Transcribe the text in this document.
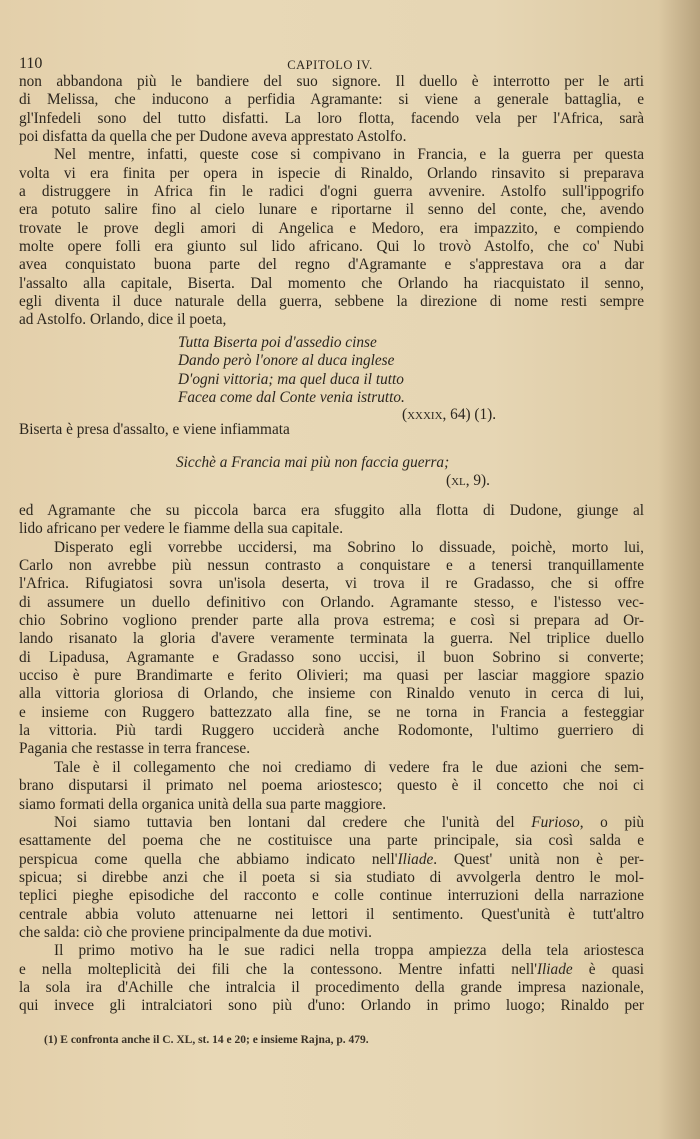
110	CAPITOLO IV.
non abbandona più le bandiere del suo signore. Il duello è interrotto per le arti
di Melissa, che inducono a perfidia Agramante: si viene a generale battaglia, e
gl'Infedeli sono del tutto disfatti. La loro flotta, facendo vela per l'Africa, sarà
poi disfatta da quella che per Dudone aveva apprestato Astolfo.
Nel mentre, infatti, queste cose si compivano in Francia, e la guerra per questa
volta vi era finita per opera in ispecie di Rinaldo, Orlando rinsavito si preparava
a distruggere in Africa fin le radici d'ogni guerra avvenire. Astolfo sull'ippogrifo
era potuto salire fino al cielo lunare e riportarne il senno del conte, che, avendo
trovate le prove degli amori di Angelica e Medoro, era impazzito, e compiendo
molte opere folli era giunto sul lido africano. Qui lo trovò Astolfo, che co' Nubi
avea conquistato buona parte del regno d'Agramante e s'apprestava ora a dar
l'assalto alla capitale, Biserta. Dal momento che Orlando ha riacquistato il senno,
egli diventa il duce naturale della guerra, sebbene la direzione di nome resti sempre
ad Astolfo. Orlando, dice il poeta,
Tutta Biserta poi d'assedio cinse
Dando però l'onore al duca inglese
D'ogni vittoria; ma quel duca il tutto
Facea come dal Conte venia istrutto.
(xxxix, 64) (1).
Biserta è presa d'assalto, e viene infiammata
Sicchè a Francia mai più non faccia guerra;
(xl, 9).
ed Agramante che su piccola barca era sfuggito alla flotta di Dudone, giunge al
lido africano per vedere le fiamme della sua capitale.
Disperato egli vorrebbe uccidersi, ma Sobrino lo dissuade, poichè, morto lui,
Carlo non avrebbe più nessun contrasto a conquistare e a tenersi tranquillamente
l'Africa. Rifugiatosi sovra un'isola deserta, vi trova il re Gradasso, che si offre
di assumere un duello definitivo con Orlando. Agramante stesso, e l'istesso vec-
chio Sobrino vogliono prender parte alla prova estrema; e così si prepara ad Or-
lando risanato la gloria d'avere veramente terminata la guerra. Nel triplice duello
di Lipadusa, Agramante e Gradasso sono uccisi, il buon Sobrino si converte;
ucciso è pure Brandimarte e ferito Olivieri; ma quasi per lasciar maggiore spazio
alla vittoria gloriosa di Orlando, che insieme con Rinaldo venuto in cerca di lui,
e insieme con Ruggero battezzato alla fine, se ne torna in Francia a festeggiar
la vittoria. Più tardi Ruggero ucciderà anche Rodomonte, l'ultimo guerriero di
Pagania che restasse in terra francese.
Tale è il collegamento che noi crediamo di vedere fra le due azioni che sem-
brano disputarsi il primato nel poema ariostesco; questo è il concetto che noi ci
siamo formati della organica unità della sua parte maggiore.
Noi siamo tuttavia ben lontani dal credere che l'unità del Furioso, o più
esattamente del poema che ne costituisce una parte principale, sia così salda e
perspicua come quella che abbiamo indicato nell'Iliade. Quest' unità non è per-
spicua; si direbbe anzi che il poeta si sia studiato di avvolgerla dentro le mol-
teplici pieghe episodiche del racconto e colle continue interruzioni della narrazione
centrale abbia voluto attenuarne nei lettori il sentimento. Quest'unità è tutt'altro
che salda: ciò che proviene principalmente da due motivi.
Il primo motivo ha le sue radici nella troppa ampiezza della tela ariostesca
e nella molteplicità dei fili che la contessono. Mentre infatti nell'Iliade è quasi
la sola ira d'Achille che intralcia il procedimento della grande impresa nazionale,
qui invece gli intralciatori sono più d'uno: Orlando in primo luogo; Rinaldo per
(1) E confronta anche il C. XL, st. 14 e 20; e insieme Rajna, p. 479.
